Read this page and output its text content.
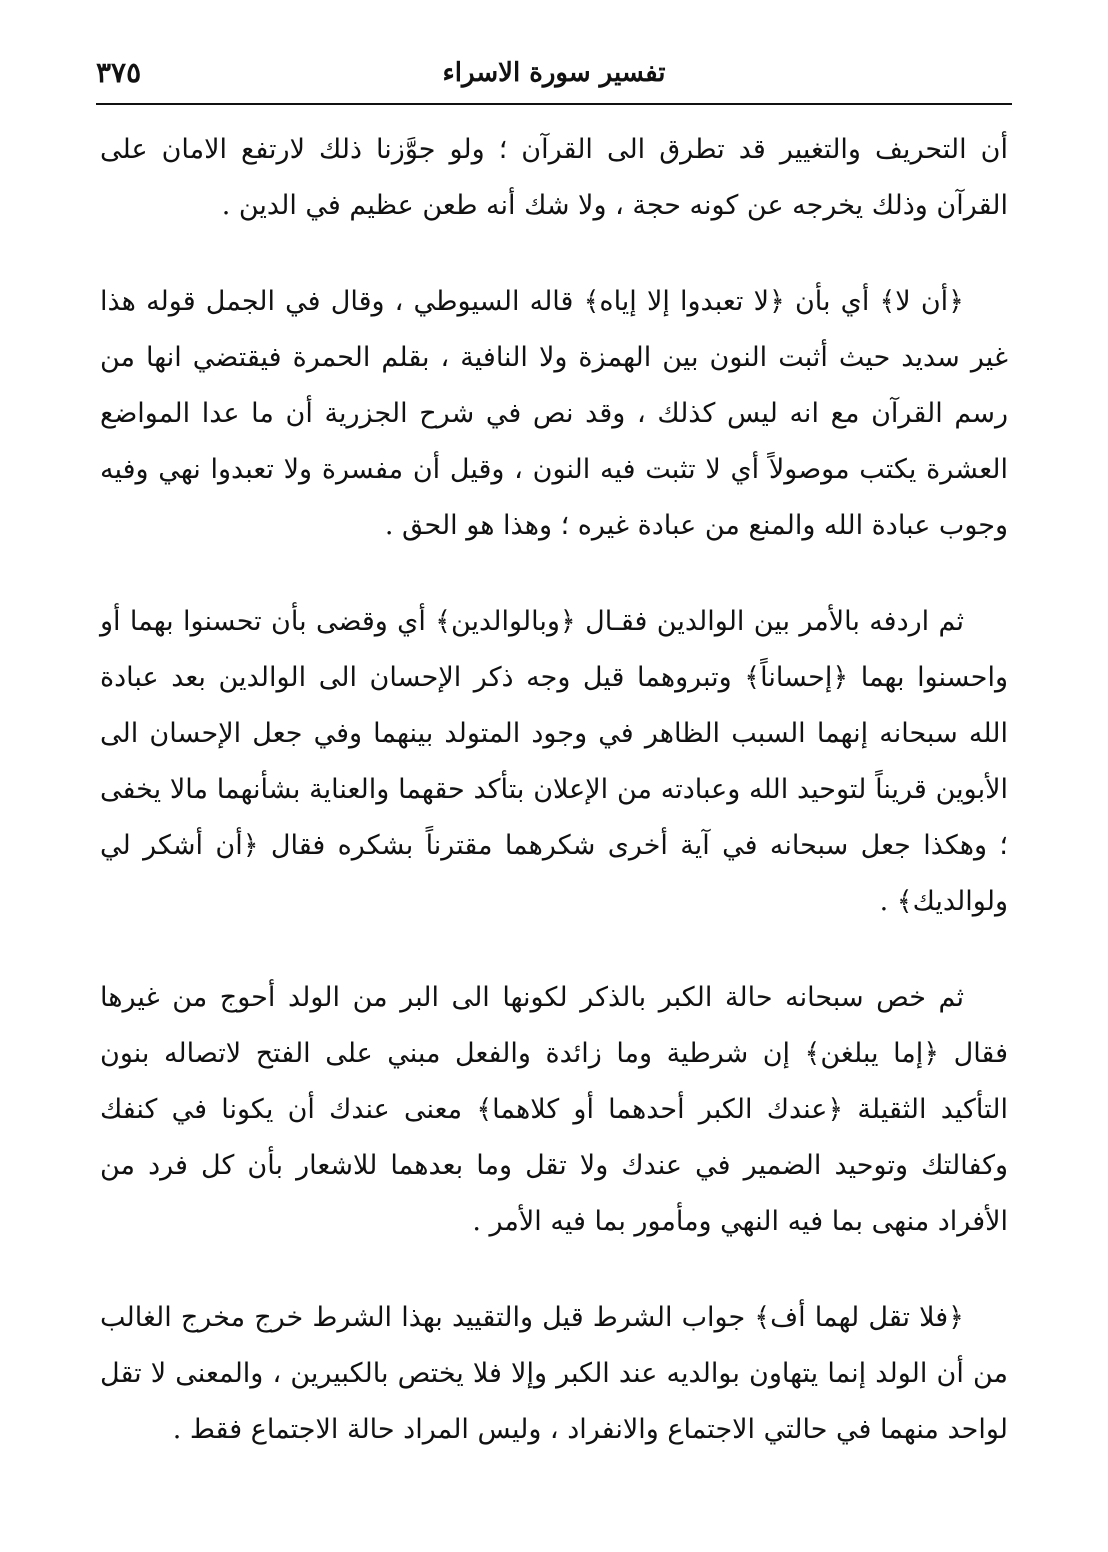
تفسير سورة الاسراء
٣٧٥

أن التحريف والتغيير قد تطرق الى القرآن ؛ ولو جوَّزنا ذلك لارتفع الامان على القرآن وذلك يخرجه عن كونه حجة ، ولا شك أنه طعن عظيم في الدين .

﴿أن لا﴾ أي بأن ﴿لا تعبدوا إلا إياه﴾ قاله السيوطي ، وقال في الجمل قوله هذا غير سديد حيث أثبت النون بين الهمزة ولا النافية ، بقلم الحمرة فيقتضي انها من رسم القرآن مع انه ليس كذلك ، وقد نص في شرح الجزرية أن ما عدا المواضع العشرة يكتب موصولاً أي لا تثبت فيه النون ، وقيل أن مفسرة ولا تعبدوا نهي وفيه وجوب عبادة الله والمنع من عبادة غيره ؛ وهذا هو الحق .

ثم اردفه بالأمر بين الوالدين فقـال ﴿وبالوالدين﴾ أي وقضى بأن تحسنوا بهما أو واحسنوا بهما ﴿إحساناً﴾ وتبروهما قيل وجه ذكر الإحسان الى الوالدين بعد عبادة الله سبحانه إنهما السبب الظاهر في وجود المتولد بينهما وفي جعل الإحسان الى الأبوين قريناً لتوحيد الله وعبادته من الإعلان بتأكد حقهما والعناية بشأنهما مالا يخفى ؛ وهكذا جعل سبحانه في آية أخرى شكرهما مقترناً بشكره فقال ﴿أن أشكر لي ولوالديك﴾ .

ثم خص سبحانه حالة الكبر بالذكر لكونها الى البر من الولد أحوج من غيرها فقال ﴿إما يبلغن﴾ إن شرطية وما زائدة والفعل مبني على الفتح لاتصاله بنون التأكيد الثقيلة ﴿عندك الكبر أحدهما أو كلاهما﴾ معنى عندك أن يكونا في كنفك وكفالتك وتوحيد الضمير في عندك ولا تقل وما بعدهما للاشعار بأن كل فرد من الأفراد منهى بما فيه النهي ومأمور بما فيه الأمر .

﴿فلا تقل لهما أف﴾ جواب الشرط قيل والتقييد بهذا الشرط خرج مخرج الغالب من أن الولد إنما يتهاون بوالديه عند الكبر وإلا فلا يختص بالكبيرين ، والمعنى لا تقل لواحد منهما في حالتي الاجتماع والانفراد ، وليس المراد حالة الاجتماع فقط .
